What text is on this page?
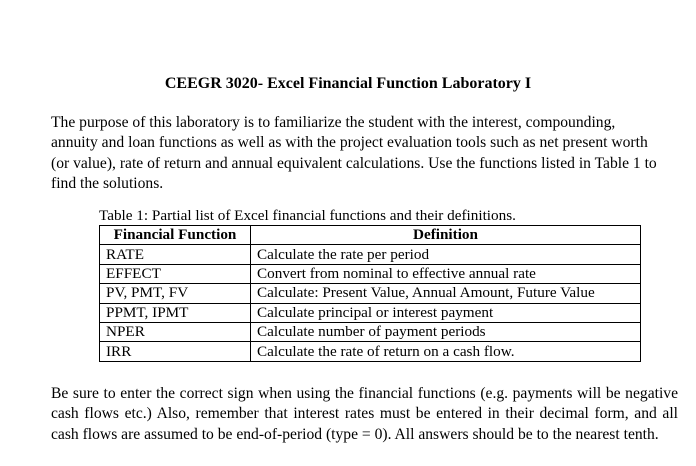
CEEGR 3020- Excel Financial Function Laboratory I
The purpose of this laboratory is to familiarize the student with the interest, compounding,
annuity and loan functions as well as with the project evaluation tools such as net present worth
(or value), rate of return and annual equivalent calculations. Use the functions listed in Table 1 to
find the solutions.
Table 1: Partial list of Excel financial functions and their definitions.
Financial Function	Definition
RATE	Calculate the rate per period
EFFECT	Convert from nominal to effective annual rate
PV, PMT, FV	Calculate: Present Value, Annual Amount, Future Value
PPMT, IPMT	Calculate principal or interest payment
NPER	Calculate number of payment periods
IRR	Calculate the rate of return on a cash flow.
Be sure to enter the correct sign when using the financial functions (e.g. payments will be negative cash flows etc.) Also, remember that interest rates must be entered in their decimal form, and all cash flows are assumed to be end-of-period (type = 0). All answers should be to the nearest tenth.
